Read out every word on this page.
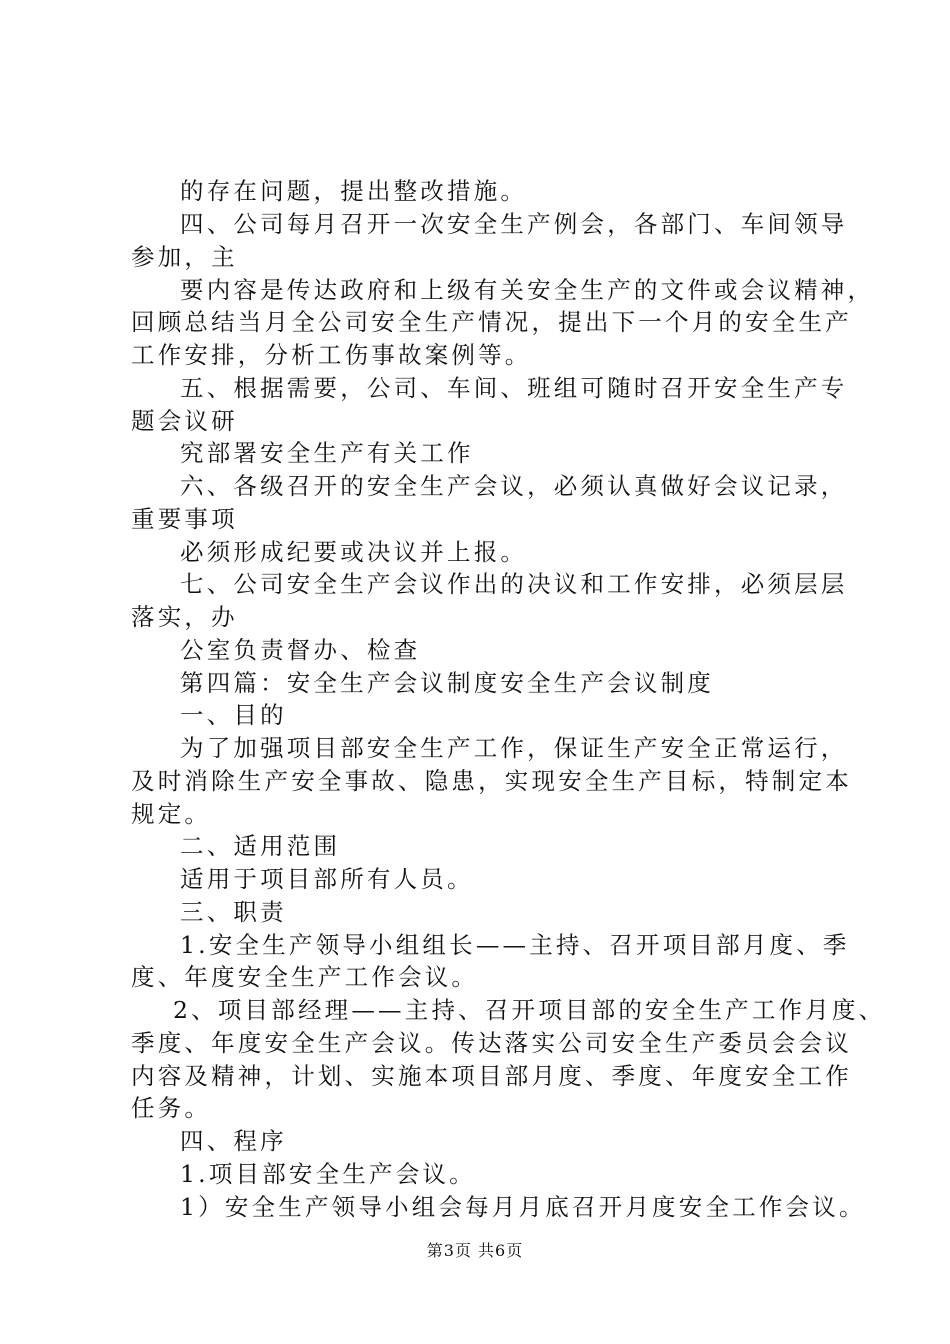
的存在问题，提出整改措施。
四、公司每月召开一次安全生产例会，各部门、车间领导
参加，主
要内容是传达政府和上级有关安全生产的文件或会议精神，
回顾总结当月全公司安全生产情况，提出下一个月的安全生产
工作安排，分析工伤事故案例等。
五、根据需要，公司、车间、班组可随时召开安全生产专
题会议研
究部署安全生产有关工作
六、各级召开的安全生产会议，必须认真做好会议记录，
重要事项
必须形成纪要或决议并上报。
七、公司安全生产会议作出的决议和工作安排，必须层层
落实，办
公室负责督办、检查
第四篇：安全生产会议制度安全生产会议制度
一、目的
为了加强项目部安全生产工作，保证生产安全正常运行，
及时消除生产安全事故、隐患，实现安全生产目标，特制定本
规定。
二、适用范围
适用于项目部所有人员。
三、职责
1.安全生产领导小组组长——主持、召开项目部月度、季
度、年度安全生产工作会议。
2、项目部经理——主持、召开项目部的安全生产工作月度、
季度、年度安全生产会议。传达落实公司安全生产委员会会议
内容及精神，计划、实施本项目部月度、季度、年度安全工作
任务。
四、程序
1.项目部安全生产会议。
1）安全生产领导小组会每月月底召开月度安全工作会议。
第3页 共6页
